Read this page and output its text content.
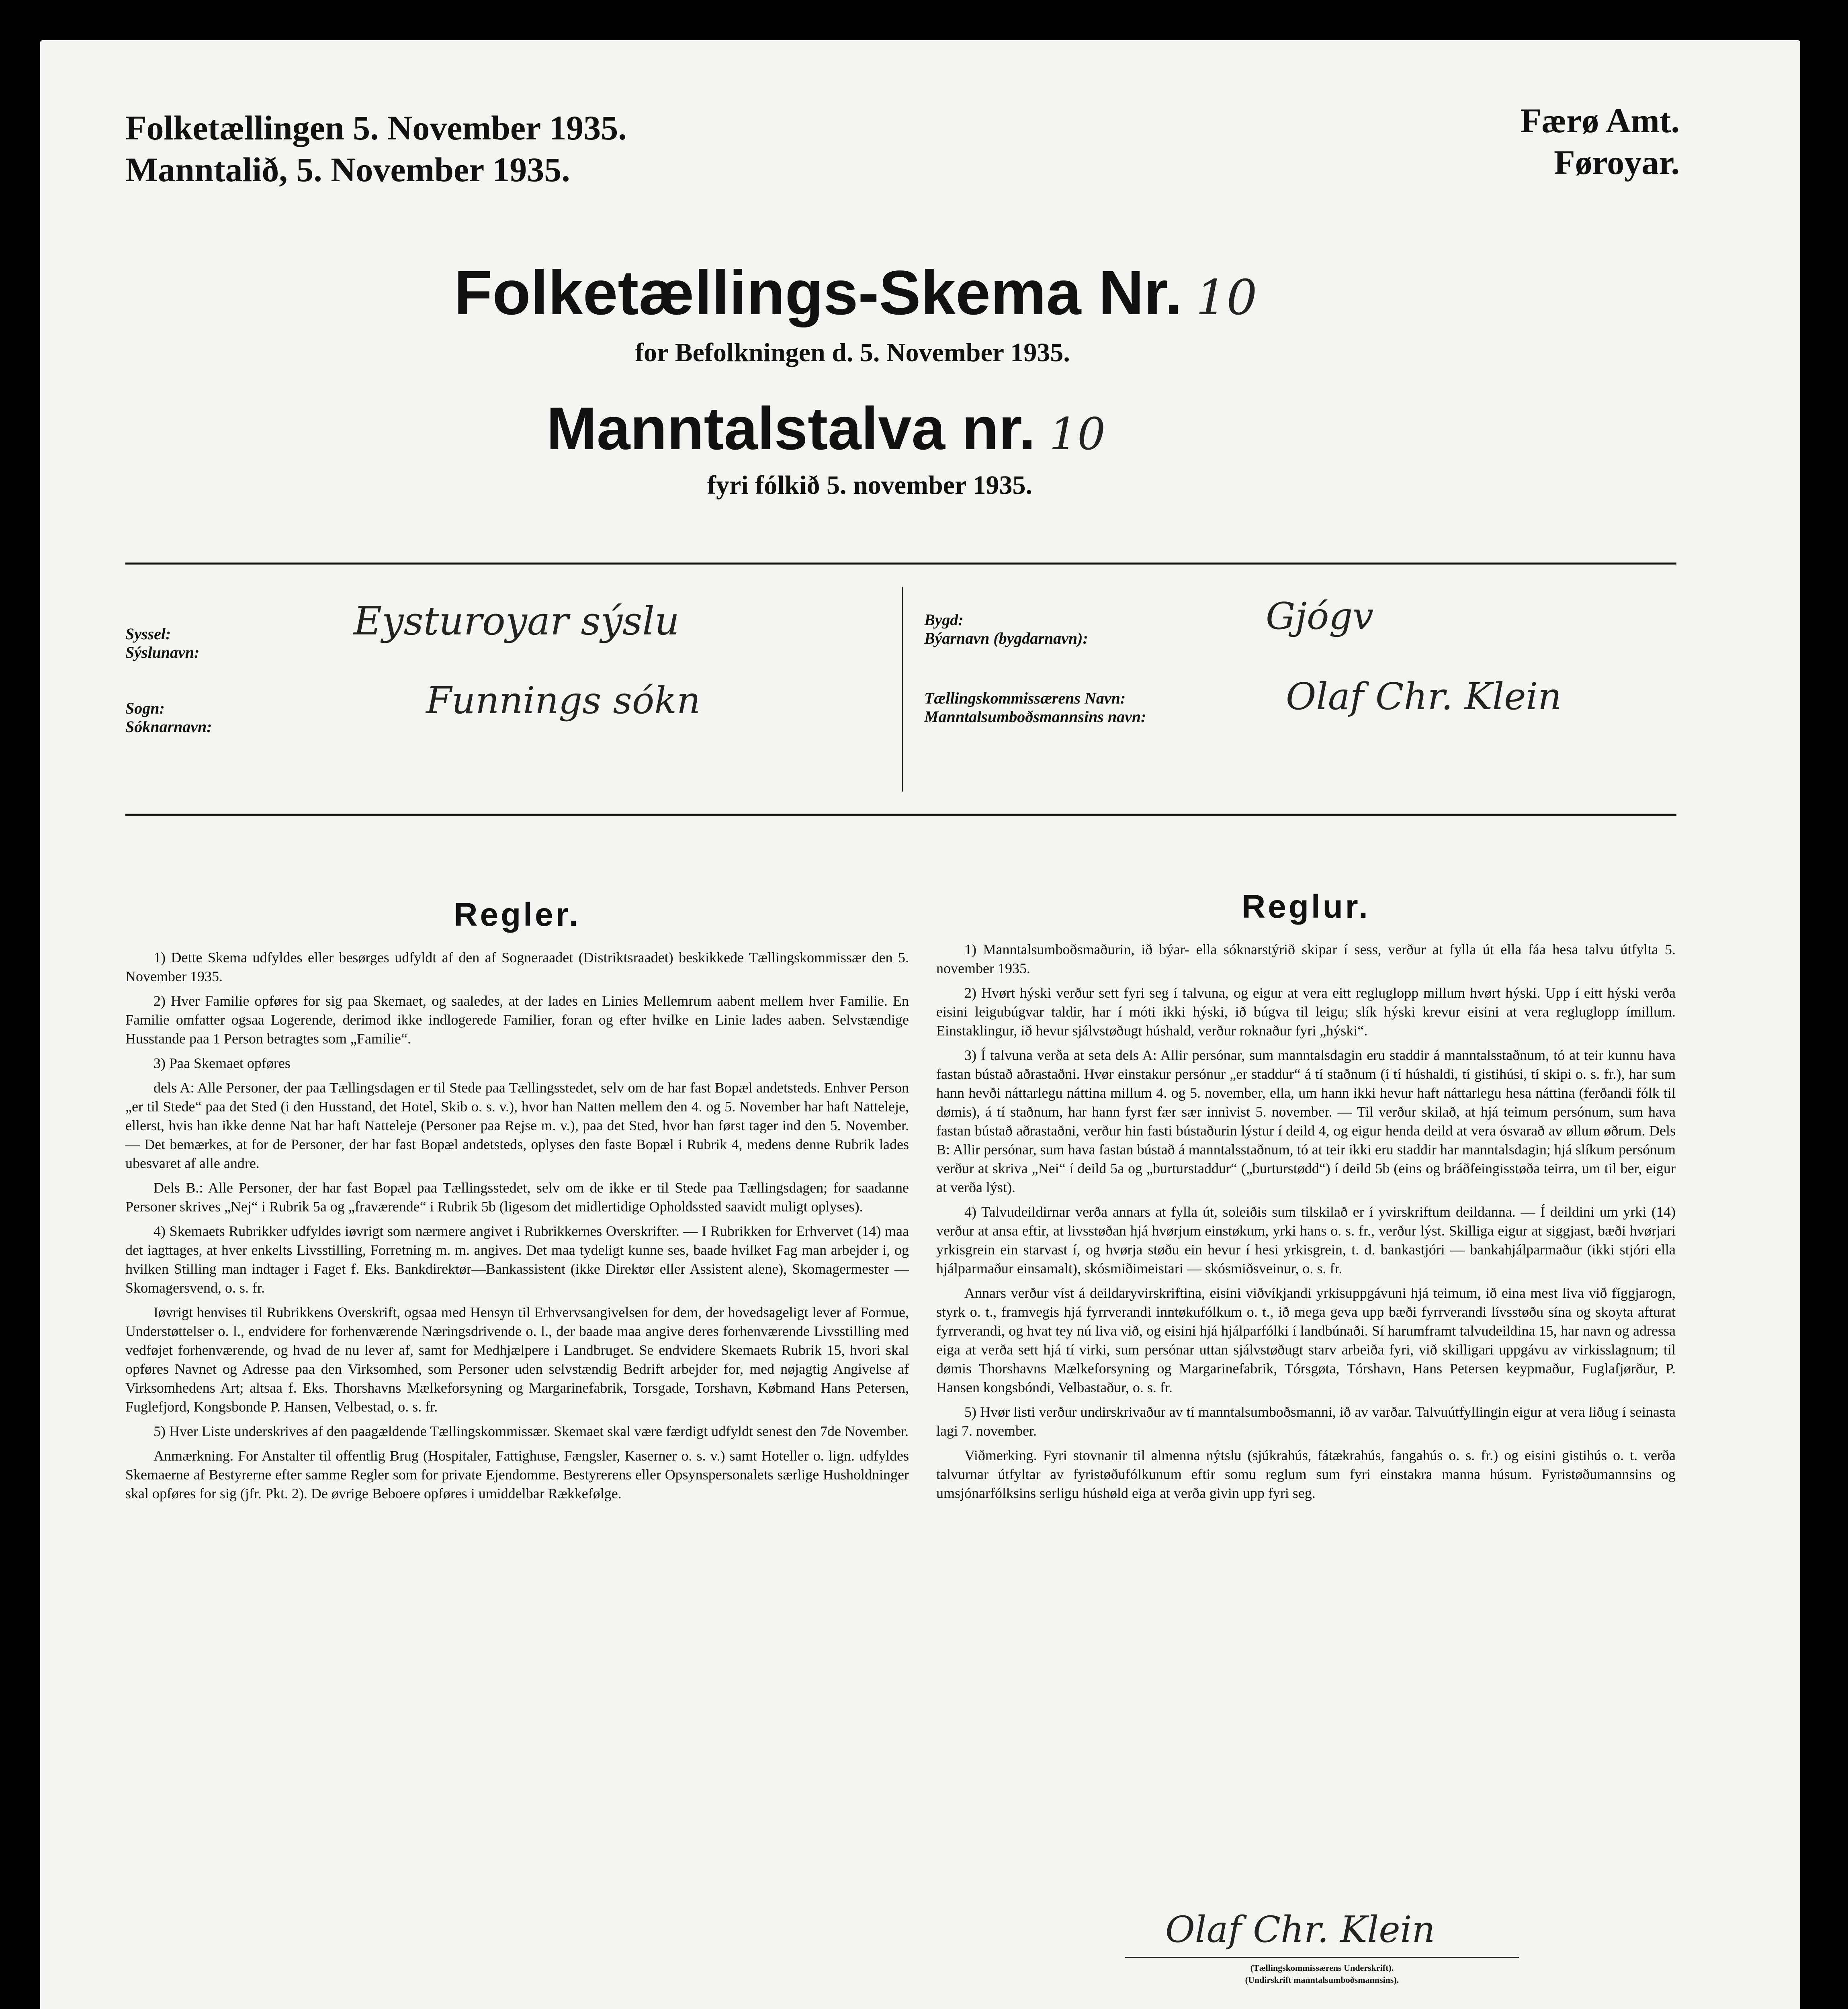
Folketællingen 5. November 1935.
Manntalið, 5. November 1935.
Færø Amt.
Føroyar.
Folketællings-Skema Nr. 10
for Befolkningen d. 5. November 1935.
Manntalstalva nr. 10
fyri fólkið 5. november 1935.
Syssel:
Sýslunavn:
Eysturoyar sýslu
Sogn:
Sóknarnavn:
Funnings sókn
Bygd:
Býarnavn (bygdarnavn):
Gjógv
Tællingskommissærens Navn:
Manntalsumboðsmannsins navn:	Olaf Chr. Klein
Regler.

1) Dette Skema udfyldes eller besørges udfyldt af den af Sogneraadet (Distriktsraadet) beskikkede Tællingskommissær den 5. November 1935.

2) Hver Familie opføres for sig paa Skemaet, og saaledes, at der lades en Linies Mellemrum aabent mellem hver Familie. En Familie omfatter ogsaa Logerende, derimod ikke indlogerede Familier, foran og efter hvilke en Linie lades aaben. Selvstændige Husstande paa 1 Person betragtes som „Familie“.

3) Paa Skemaet opføres

dels A: Alle Personer, der paa Tællingsdagen er til Stede paa Tællingsstedet, selv om de har fast Bopæl andetsteds. Enhver Person „er til Stede“ paa det Sted (i den Husstand, det Hotel, Skib o. s. v.), hvor han Natten mellem den 4. og 5. November har haft Natteleje, ellerst, hvis han ikke denne Nat har haft Natteleje (Personer paa Rejse m. v.), paa det Sted, hvor han først tager ind den 5. November. — Det bemærkes, at for de Personer, der har fast Bopæl andetsteds, oplyses den faste Bopæl i Rubrik 4, medens denne Rubrik lades ubesvaret af alle andre.

Dels B.: Alle Personer, der har fast Bopæl paa Tællingsstedet, selv om de ikke er til Stede paa Tællingsdagen; for saadanne Personer skrives „Nej“ i Rubrik 5a og „fraværende“ i Rubrik 5b (ligesom det midlertidige Opholdssted saavidt muligt oplyses).

4) Skemaets Rubrikker udfyldes iøvrigt som nærmere angivet i Rubrikkernes Overskrifter. — I Rubrikken for Erhvervet (14) maa det iagttages, at hver enkelts Livsstilling, Forretning m. m. angives. Det maa tydeligt kunne ses, baade hvilket Fag man arbejder i, og hvilken Stilling man indtager i Faget f. Eks. Bankdirektør—Bankassistent (ikke Direktør eller Assistent alene), Skomagermester — Skomagersvend, o. s. fr.

Iøvrigt henvises til Rubrikkens Overskrift, ogsaa med Hensyn til Erhvervsangivelsen for dem, der hovedsageligt lever af Formue, Understøttelser o. l., endvidere for forhenværende Næringsdrivende o. l., der baade maa angive deres forhenværende Livsstilling med vedføjet forhenværende, og hvad de nu lever af, samt for Medhjælpere i Landbruget. Se endvidere Skemaets Rubrik 15, hvori skal opføres Navnet og Adresse paa den Virksomhed, som Personer uden selvstændig Bedrift arbejder for, med nøjagtig Angivelse af Virksomhedens Art; altsaa f. Eks. Thorshavns Mælkeforsyning og Margarinefabrik, Torsgade, Torshavn, Købmand Hans Petersen, Fuglefjord, Kongsbonde P. Hansen, Velbestad, o. s. fr.

5) Hver Liste underskrives af den paagældende Tællingskommissær. Skemaet skal være færdigt udfyldt senest den 7de November.

Anmærkning. For Anstalter til offentlig Brug (Hospitaler, Fattighuse, Fængsler, Kaserner o. s. v.) samt Hoteller o. lign. udfyldes Skemaerne af Bestyrerne efter samme Regler som for private Ejendomme. Bestyrerens eller Opsynspersonalets særlige Husholdninger skal opføres for sig (jfr. Pkt. 2). De øvrige Beboere opføres i umiddelbar Rækkefølge.

Reglur.

1) Manntalsumboðsmaðurin, ið býar- ella sóknarstýrið skipar í sess, verður at fylla út ella fáa hesa talvu útfylta 5. november 1935.

2) Hvørt hýski verður sett fyri seg í talvuna, og eigur at vera eitt regluglopp millum hvørt hýski. Upp í eitt hýski verða eisini leigubúgvar taldir, har í móti ikki hýski, ið búgva til leigu; slík hýski krevur eisini at vera regluglopp ímillum. Einstaklingur, ið hevur sjálvstøðugt húshald, verður roknaður fyri „hýski“.

3) Í talvuna verða at seta dels A: Allir persónar, sum manntalsdagin eru staddir á manntalsstaðnum, tó at teir kunnu hava fastan bústað aðrastaðni. Hvør einstakur persónur „er staddur“ á tí staðnum (í tí húshaldi, tí gistihúsi, tí skipi o. s. fr.), har sum hann hevði náttarlegu náttina millum 4. og 5. november, ella, um hann ikki hevur haft náttarlegu hesa náttina (ferðandi fólk til dømis), á tí staðnum, har hann fyrst fær sær innivist 5. november. — Til verður skilað, at hjá teimum persónum, sum hava fastan bústað aðrastaðni, verður hin fasti bústaðurin lýstur í deild 4, og eigur henda deild at vera ósvarað av øllum øðrum. Dels B: Allir persónar, sum hava fastan bústað á manntalsstaðnum, tó at teir ikki eru staddir har manntalsdagin; hjá slíkum persónum verður at skriva „Nei“ í deild 5a og „burturstaddur“ („burturstødd“) í deild 5b (eins og bráðfeingisstøða teirra, um til ber, eigur at verða lýst).

4) Talvudeildirnar verða annars at fylla út, soleiðis sum tilskilað er í yvirskriftum deildanna. — Í deildini um yrki (14) verður at ansa eftir, at livsstøðan hjá hvørjum einstøkum, yrki hans o. s. fr., verður lýst. Skilliga eigur at siggjast, bæði hvørjari yrkisgrein ein starvast í, og hvørja støðu ein hevur í hesi yrkisgrein, t. d. bankastjóri — bankahjálparmaður (ikki stjóri ella hjálparmaður einsamalt), skósmiðimeistari — skósmiðsveinur, o. s. fr.

Annars verður víst á deildaryvirskriftina, eisini viðvíkjandi yrkisuppgávuni hjá teimum, ið eina mest liva við fíggjarogn, styrk o. t., framvegis hjá fyrrverandi inntøkufólkum o. t., ið mega geva upp bæði fyrrverandi lívsstøðu sína og skoyta afturat fyrrverandi, og hvat tey nú liva við, og eisini hjá hjálparfólki í landbúnaði. Sí harumframt talvudeildina 15, har navn og adressa eiga at verða sett hjá tí virki, sum persónar uttan sjálvstøðugt starv arbeiða fyri, við skilligari uppgávu av virkisslagnum; til dømis Thorshavns Mælkeforsyning og Margarinefabrik, Tórsgøta, Tórshavn, Hans Petersen keypmaður, Fuglafjørður, P. Hansen kongsbóndi, Velbastaður, o. s. fr.

5) Hvør listi verður undirskrivaður av tí manntalsumboðsmanni, ið av varðar. Talvuútfyllingin eigur at vera liðug í seinasta lagi 7. november.

Viðmerking. Fyri stovnanir til almenna nýtslu (sjúkrahús, fátækrahús, fangahús o. s. fr.) og eisini gistihús o. t. verða talvurnar útfyltar av fyristøðufólkunum eftir somu reglum sum fyri einstakra manna húsum. Fyristøðumannsins og umsjónarfólksins serligu húshøld eiga at verða givin upp fyri seg.

Olaf Chr. Klein
(Tællingskommissærens Underskrift).
(Undirskrift manntalsumboðsmannsins).
